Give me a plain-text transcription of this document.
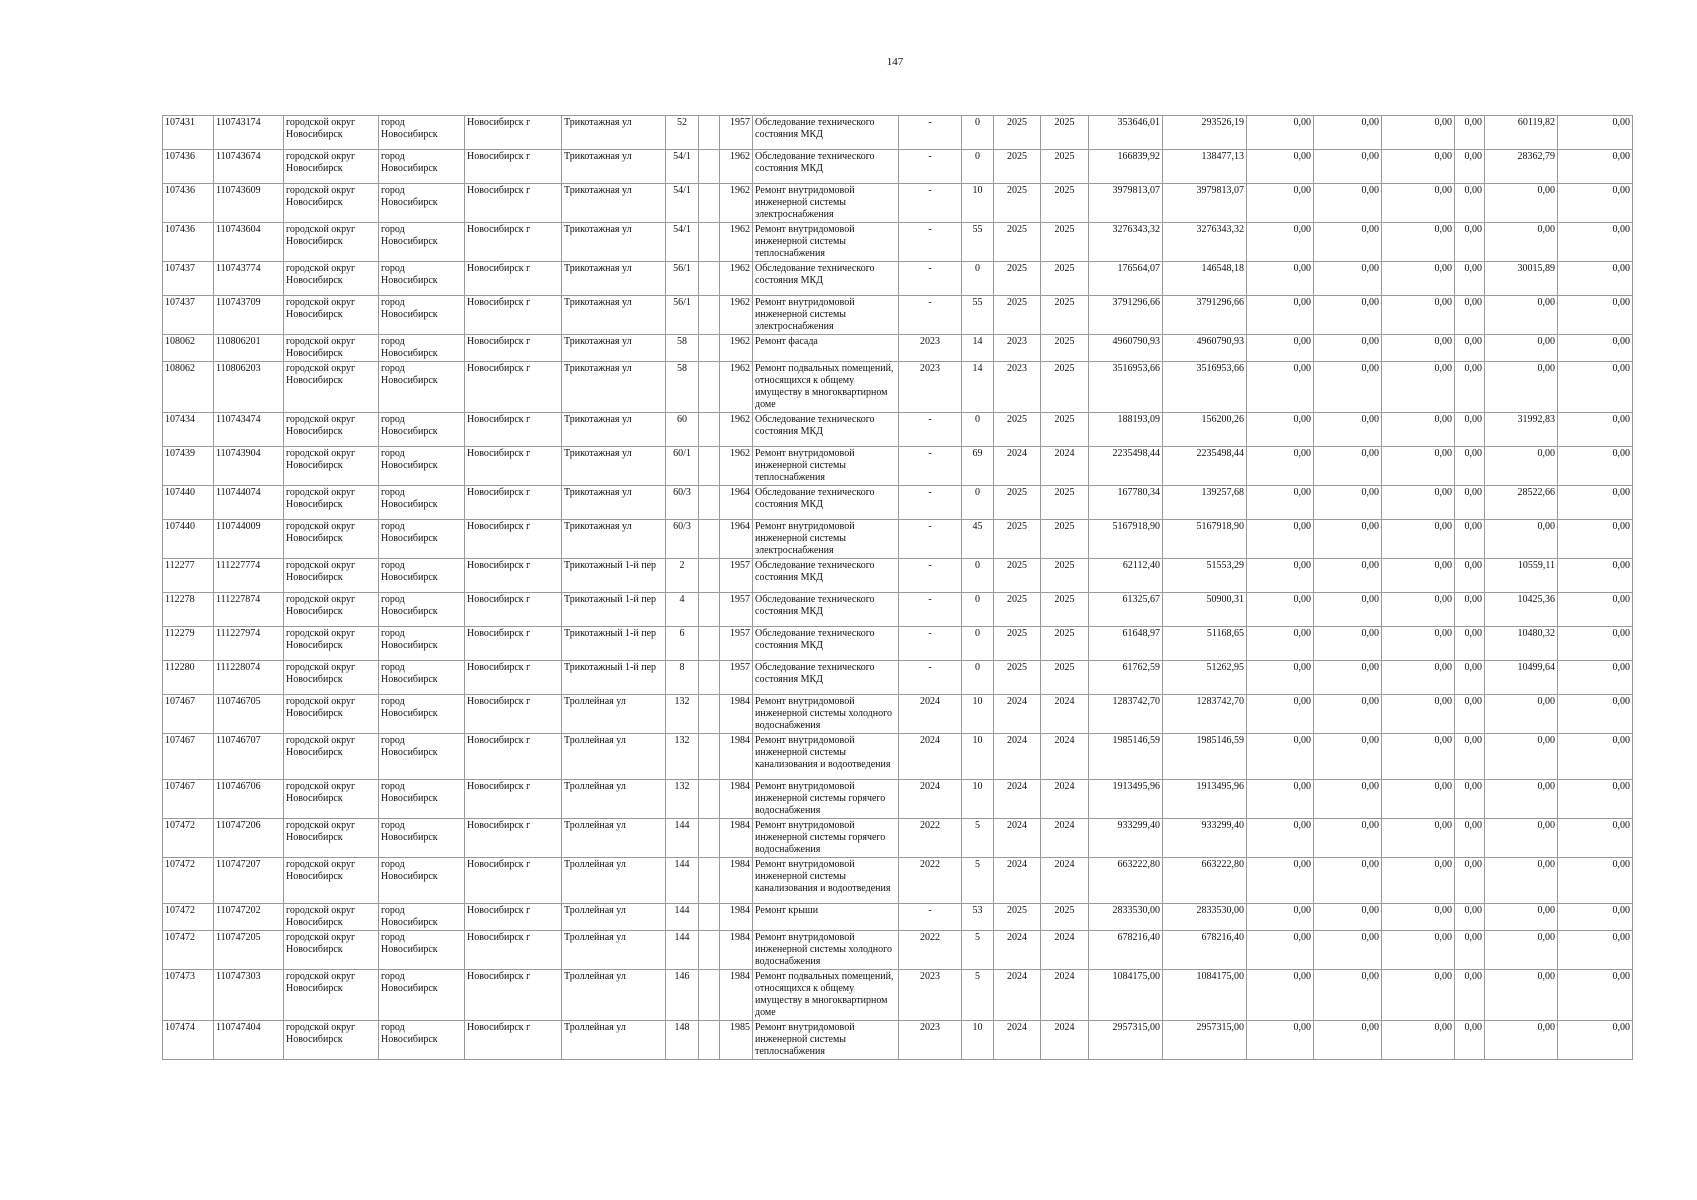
147
107431	110743174	городской округ Новосибирск	город Новосибирск	Новосибирск г	Трикотажная ул	52		1957	Обследование технического состояния МКД	-	0	2025	2025	353646,01	293526,19	0,00	0,00	0,00	0,00	60119,82	0,00
107436	110743674	городской округ Новосибирск	город Новосибирск	Новосибирск г	Трикотажная ул	54/1		1962	Обследование технического состояния МКД	-	0	2025	2025	166839,92	138477,13	0,00	0,00	0,00	0,00	28362,79	0,00
107436	110743609	городской округ Новосибирск	город Новосибирск	Новосибирск г	Трикотажная ул	54/1		1962	Ремонт внутридомовой инженерной системы электроснабжения	-	10	2025	2025	3979813,07	3979813,07	0,00	0,00	0,00	0,00	0,00	0,00
107436	110743604	городской округ Новосибирск	город Новосибирск	Новосибирск г	Трикотажная ул	54/1		1962	Ремонт внутридомовой инженерной системы теплоснабжения	-	55	2025	2025	3276343,32	3276343,32	0,00	0,00	0,00	0,00	0,00	0,00
107437	110743774	городской округ Новосибирск	город Новосибирск	Новосибирск г	Трикотажная ул	56/1		1962	Обследование технического состояния МКД	-	0	2025	2025	176564,07	146548,18	0,00	0,00	0,00	0,00	30015,89	0,00
107437	110743709	городской округ Новосибирск	город Новосибирск	Новосибирск г	Трикотажная ул	56/1		1962	Ремонт внутридомовой инженерной системы электроснабжения	-	55	2025	2025	3791296,66	3791296,66	0,00	0,00	0,00	0,00	0,00	0,00
108062	110806201	городской округ Новосибирск	город Новосибирск	Новосибирск г	Трикотажная ул	58		1962	Ремонт фасада	2023	14	2023	2025	4960790,93	4960790,93	0,00	0,00	0,00	0,00	0,00	0,00
108062	110806203	городской округ Новосибирск	город Новосибирск	Новосибирск г	Трикотажная ул	58		1962	Ремонт подвальных помещений, относящихся к общему имуществу в многоквартирном доме	2023	14	2023	2025	3516953,66	3516953,66	0,00	0,00	0,00	0,00	0,00	0,00
107434	110743474	городской округ Новосибирск	город Новосибирск	Новосибирск г	Трикотажная ул	60		1962	Обследование технического состояния МКД	-	0	2025	2025	188193,09	156200,26	0,00	0,00	0,00	0,00	31992,83	0,00
107439	110743904	городской округ Новосибирск	город Новосибирск	Новосибирск г	Трикотажная ул	60/1		1962	Ремонт внутридомовой инженерной системы теплоснабжения	-	69	2024	2024	2235498,44	2235498,44	0,00	0,00	0,00	0,00	0,00	0,00
107440	110744074	городской округ Новосибирск	город Новосибирск	Новосибирск г	Трикотажная ул	60/3		1964	Обследование технического состояния МКД	-	0	2025	2025	167780,34	139257,68	0,00	0,00	0,00	0,00	28522,66	0,00
107440	110744009	городской округ Новосибирск	город Новосибирск	Новосибирск г	Трикотажная ул	60/3		1964	Ремонт внутридомовой инженерной системы электроснабжения	-	45	2025	2025	5167918,90	5167918,90	0,00	0,00	0,00	0,00	0,00	0,00
112277	111227774	городской округ Новосибирск	город Новосибирск	Новосибирск г	Трикотажный 1-й пер	2		1957	Обследование технического состояния МКД	-	0	2025	2025	62112,40	51553,29	0,00	0,00	0,00	0,00	10559,11	0,00
112278	111227874	городской округ Новосибирск	город Новосибирск	Новосибирск г	Трикотажный 1-й пер	4		1957	Обследование технического состояния МКД	-	0	2025	2025	61325,67	50900,31	0,00	0,00	0,00	0,00	10425,36	0,00
112279	111227974	городской округ Новосибирск	город Новосибирск	Новосибирск г	Трикотажный 1-й пер	6		1957	Обследование технического состояния МКД	-	0	2025	2025	61648,97	51168,65	0,00	0,00	0,00	0,00	10480,32	0,00
112280	111228074	городской округ Новосибирск	город Новосибирск	Новосибирск г	Трикотажный 1-й пер	8		1957	Обследование технического состояния МКД	-	0	2025	2025	61762,59	51262,95	0,00	0,00	0,00	0,00	10499,64	0,00
107467	110746705	городской округ Новосибирск	город Новосибирск	Новосибирск г	Троллейная ул	132		1984	Ремонт внутридомовой инженерной системы холодного водоснабжения	2024	10	2024	2024	1283742,70	1283742,70	0,00	0,00	0,00	0,00	0,00	0,00
107467	110746707	городской округ Новосибирск	город Новосибирск	Новосибирск г	Троллейная ул	132		1984	Ремонт внутридомовой инженерной системы канализования и водоотведения	2024	10	2024	2024	1985146,59	1985146,59	0,00	0,00	0,00	0,00	0,00	0,00
107467	110746706	городской округ Новосибирск	город Новосибирск	Новосибирск г	Троллейная ул	132		1984	Ремонт внутридомовой инженерной системы горячего водоснабжения	2024	10	2024	2024	1913495,96	1913495,96	0,00	0,00	0,00	0,00	0,00	0,00
107472	110747206	городской округ Новосибирск	город Новосибирск	Новосибирск г	Троллейная ул	144		1984	Ремонт внутридомовой инженерной системы горячего водоснабжения	2022	5	2024	2024	933299,40	933299,40	0,00	0,00	0,00	0,00	0,00	0,00
107472	110747207	городской округ Новосибирск	город Новосибирск	Новосибирск г	Троллейная ул	144		1984	Ремонт внутридомовой инженерной системы канализования и водоотведения	2022	5	2024	2024	663222,80	663222,80	0,00	0,00	0,00	0,00	0,00	0,00
107472	110747202	городской округ Новосибирск	город Новосибирск	Новосибирск г	Троллейная ул	144		1984	Ремонт крыши	-	53	2025	2025	2833530,00	2833530,00	0,00	0,00	0,00	0,00	0,00	0,00
107472	110747205	городской округ Новосибирск	город Новосибирск	Новосибирск г	Троллейная ул	144		1984	Ремонт внутридомовой инженерной системы холодного водоснабжения	2022	5	2024	2024	678216,40	678216,40	0,00	0,00	0,00	0,00	0,00	0,00
107473	110747303	городской округ Новосибирск	город Новосибирск	Новосибирск г	Троллейная ул	146		1984	Ремонт подвальных помещений, относящихся к общему имуществу в многоквартирном доме	2023	5	2024	2024	1084175,00	1084175,00	0,00	0,00	0,00	0,00	0,00	0,00
107474	110747404	городской округ Новосибирск	город Новосибирск	Новосибирск г	Троллейная ул	148		1985	Ремонт внутридомовой инженерной системы теплоснабжения	2023	10	2024	2024	2957315,00	2957315,00	0,00	0,00	0,00	0,00	0,00	0,00
